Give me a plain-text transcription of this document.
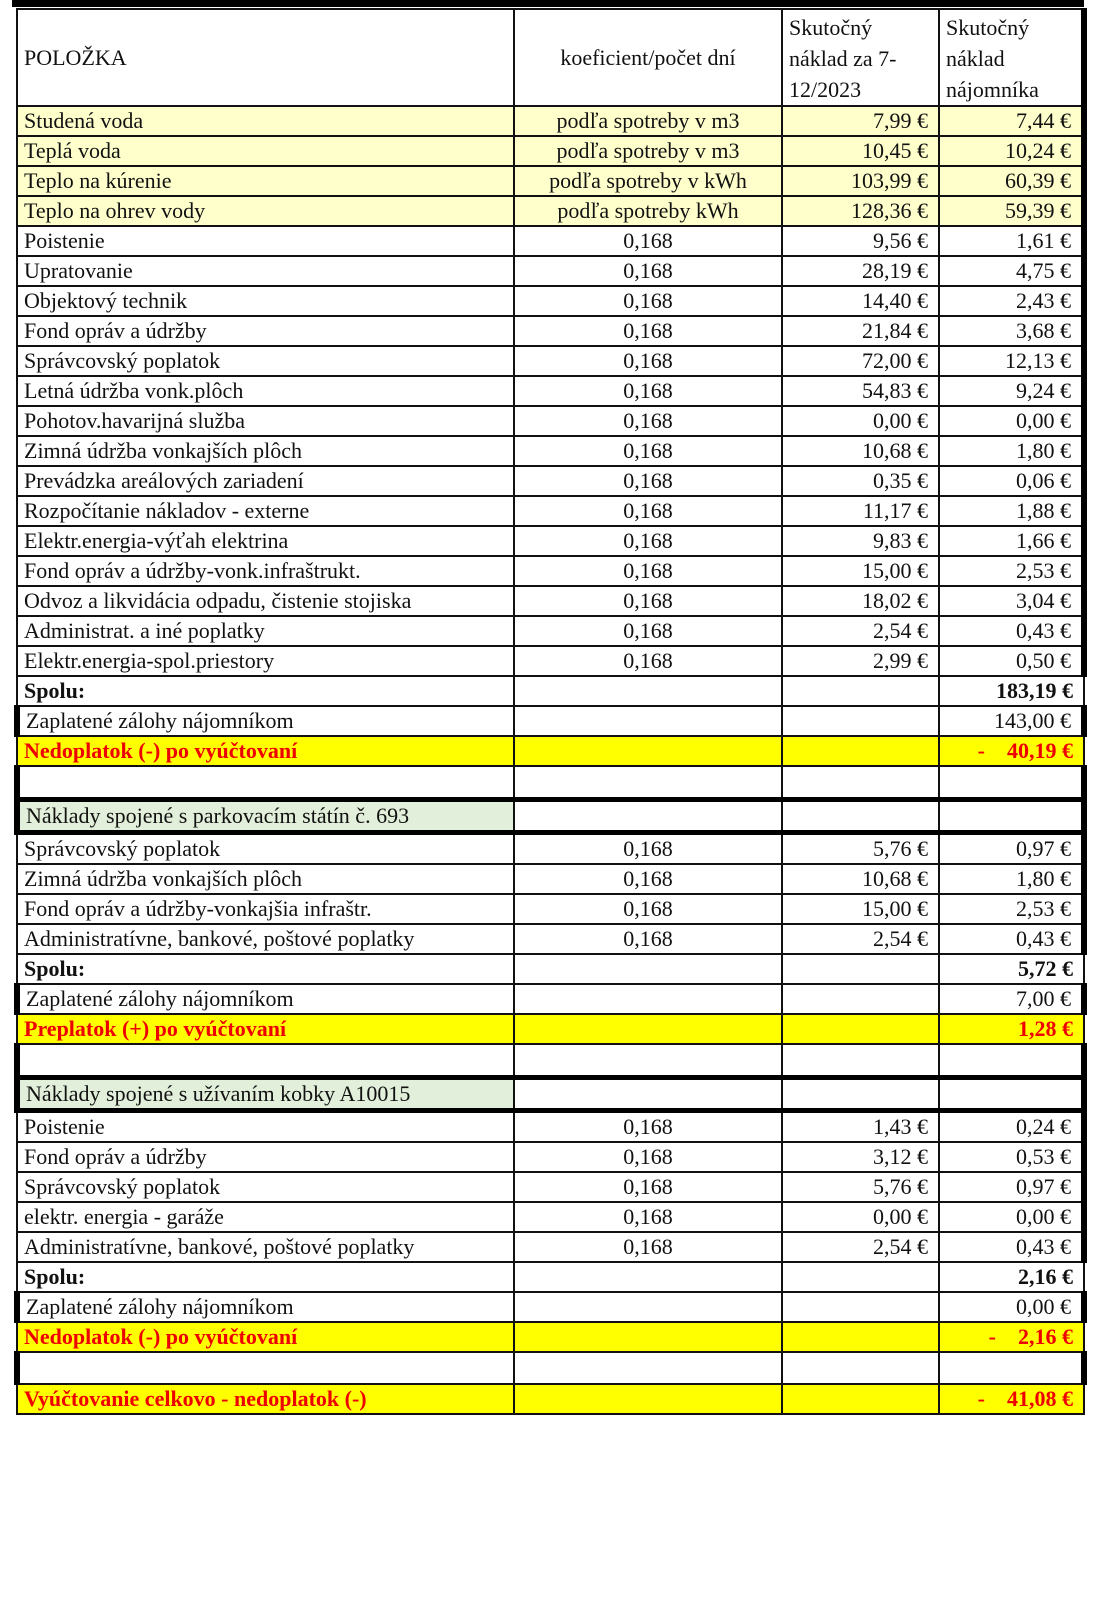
POLOŽKA	koeficient/počet dní	Skutočný náklad za 7-12/2023	Skutočný náklad nájomníka
Studená voda	podľa spotreby v m3	7,99 €	7,44 €
Teplá voda	podľa spotreby v m3	10,45 €	10,24 €
Teplo na kúrenie	podľa spotreby v kWh	103,99 €	60,39 €
Teplo na ohrev vody	podľa spotreby kWh	128,36 €	59,39 €
Poistenie	0,168	9,56 €	1,61 €
Upratovanie	0,168	28,19 €	4,75 €
Objektový technik	0,168	14,40 €	2,43 €
Fond opráv a údržby	0,168	21,84 €	3,68 €
Správcovský poplatok	0,168	72,00 €	12,13 €
Letná údržba vonk.plôch	0,168	54,83 €	9,24 €
Pohotov.havarijná služba	0,168	0,00 €	0,00 €
Zimná údržba vonkajších plôch	0,168	10,68 €	1,80 €
Prevádzka areálových zariadení	0,168	0,35 €	0,06 €
Rozpočítanie nákladov - externe	0,168	11,17 €	1,88 €
Elektr.energia-výťah elektrina	0,168	9,83 €	1,66 €
Fond opráv a údržby-vonk.infraštrukt.	0,168	15,00 €	2,53 €
Odvoz a likvidácia odpadu, čistenie stojiska	0,168	18,02 €	3,04 €
Administrat. a iné poplatky	0,168	2,54 €	0,43 €
Elektr.energia-spol.priestory	0,168	2,99 €	0,50 €
Spolu:			183,19 €
Zaplatené zálohy nájomníkom			143,00 €
Nedoplatok (-) po vyúčtovaní			- 40,19 €

Náklady spojené s parkovacím státín č. 693			
Správcovský poplatok	0,168	5,76 €	0,97 €
Zimná údržba vonkajších plôch	0,168	10,68 €	1,80 €
Fond opráv a údržby-vonkajšia infraštr.	0,168	15,00 €	2,53 €
Administratívne, bankové, poštové poplatky	0,168	2,54 €	0,43 €
Spolu:			5,72 €
Zaplatené zálohy nájomníkom			7,00 €
Preplatok (+) po vyúčtovaní			1,28 €

Náklady spojené s užívaním kobky A10015			
Poistenie	0,168	1,43 €	0,24 €
Fond opráv a údržby	0,168	3,12 €	0,53 €
Správcovský poplatok	0,168	5,76 €	0,97 €
elektr. energia - garáže	0,168	0,00 €	0,00 €
Administratívne, bankové, poštové poplatky	0,168	2,54 €	0,43 €
Spolu:			2,16 €
Zaplatené zálohy nájomníkom			0,00 €
Nedoplatok (-) po vyúčtovaní			- 2,16 €

Vyúčtovanie celkovo - nedoplatok (-)			- 41,08 €
